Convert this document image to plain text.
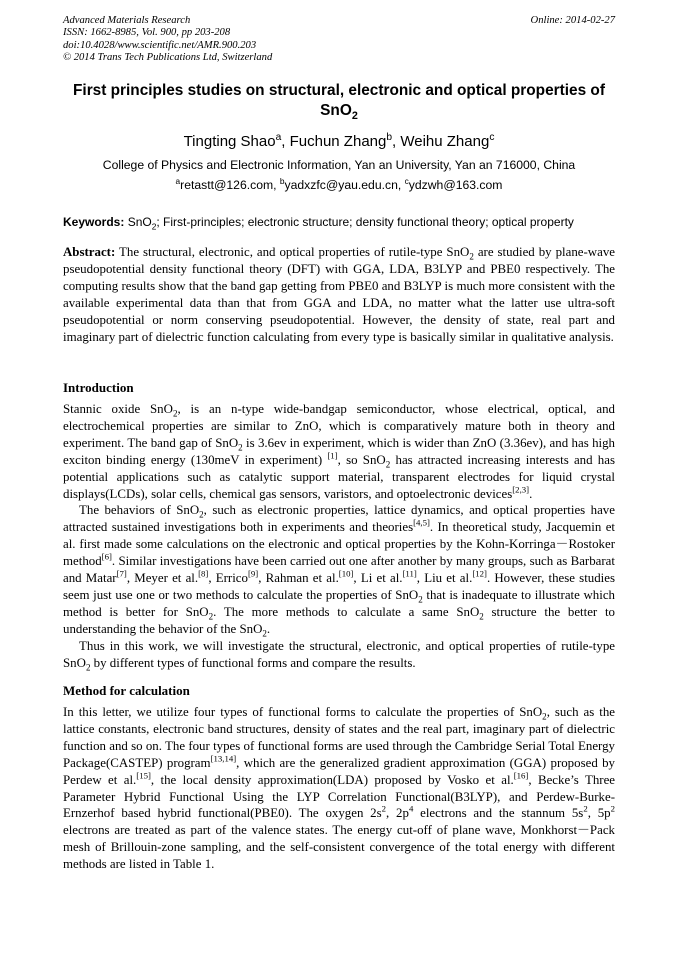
Advanced Materials Research
ISSN: 1662-8985, Vol. 900, pp 203-208
doi:10.4028/www.scientific.net/AMR.900.203
© 2014 Trans Tech Publications Ltd, Switzerland
Online: 2014-02-27
First principles studies on structural, electronic and optical properties of
SnO$_2$
Tingting Shao$^a$, Fuchun Zhang$^b$, Weihu Zhang$^c$
College of Physics and Electronic Information, Yan an University, Yan an 716000, China
$^a$retastt@126.com, $^b$yadxzfc@yau.edu.cn, $^c$ydzwh@163.com
Keywords: SnO$_2$; First-principles; electronic structure; density functional theory; optical property

Abstract: The structural, electronic, and optical properties of rutile-type SnO$_2$ are studied by plane-wave pseudopotential density functional theory (DFT) with GGA, LDA, B3LYP and PBE0 respectively. The computing results show that the band gap getting from PBE0 and B3LYP is much more consistent with the available experimental data than that from GGA and LDA, no matter what the latter use ultra-soft pseudopotential or norm conserving pseudopotential. However, the density of state, real part and imaginary part of dielectric function calculating from every type is basically similar in qualitative analysis.

Introduction

Stannic oxide SnO$_2$, is an n-type wide-bandgap semiconductor, whose electrical, optical, and electrochemical properties are similar to ZnO, which is comparatively mature both in theory and experiment. The band gap of SnO$_2$ is 3.6ev in experiment, which is wider than ZnO (3.36ev), and has high exciton binding energy (130meV in experiment) [1], so SnO$_2$ has attracted increasing interests and has potential applications such as catalytic support material, transparent electrodes for liquid crystal displays(LCDs), solar cells, chemical gas sensors, varistors, and optoelectronic devices[2,3].

The behaviors of SnO$_2$, such as electronic properties, lattice dynamics, and optical properties have attracted sustained investigations both in experiments and theories[4,5]. In theoretical study, Jacquemin et al. first made some calculations on the electronic and optical properties by the Kohn-Korringa－Rostoker method[6]. Similar investigations have been carried out one after another by many groups, such as Barbarat and Matar[7], Meyer et al.[8], Errico[9], Rahman et al.[10], Li et al.[11], Liu et al.[12]. However, these studies seem just use one or two methods to calculate the properties of SnO$_2$ that is inadequate to illustrate which method is better for SnO$_2$. The more methods to calculate a same SnO$_2$ structure the better to understanding the behavior of the SnO$_2$.

Thus in this work, we will investigate the structural, electronic, and optical properties of rutile-type SnO$_2$ by different types of functional forms and compare the results.

Method for calculation

In this letter, we utilize four types of functional forms to calculate the properties of SnO$_2$, such as the lattice constants, electronic band structures, density of states and the real part, imaginary part of dielectric function and so on. The four types of functional forms are used through the Cambridge Serial Total Energy Package(CASTEP) program[13,14], which are the generalized gradient approximation (GGA) proposed by Perdew et al.[15], the local density approximation(LDA) proposed by Vosko et al.[16], Becke’s Three Parameter Hybrid Functional Using the LYP Correlation Functional(B3LYP), and Perdew-Burke-Ernzerhof based hybrid functional(PBE0). The oxygen $2s^2$, $2p^4$ electrons and the stannum $5s^2$, $5p^2$ electrons are treated as part of the valence states. The energy cut-off of plane wave, Monkhorst－Pack mesh of Brillouin-zone sampling, and the self-consistent convergence of the total energy with different methods are listed in Table 1.
